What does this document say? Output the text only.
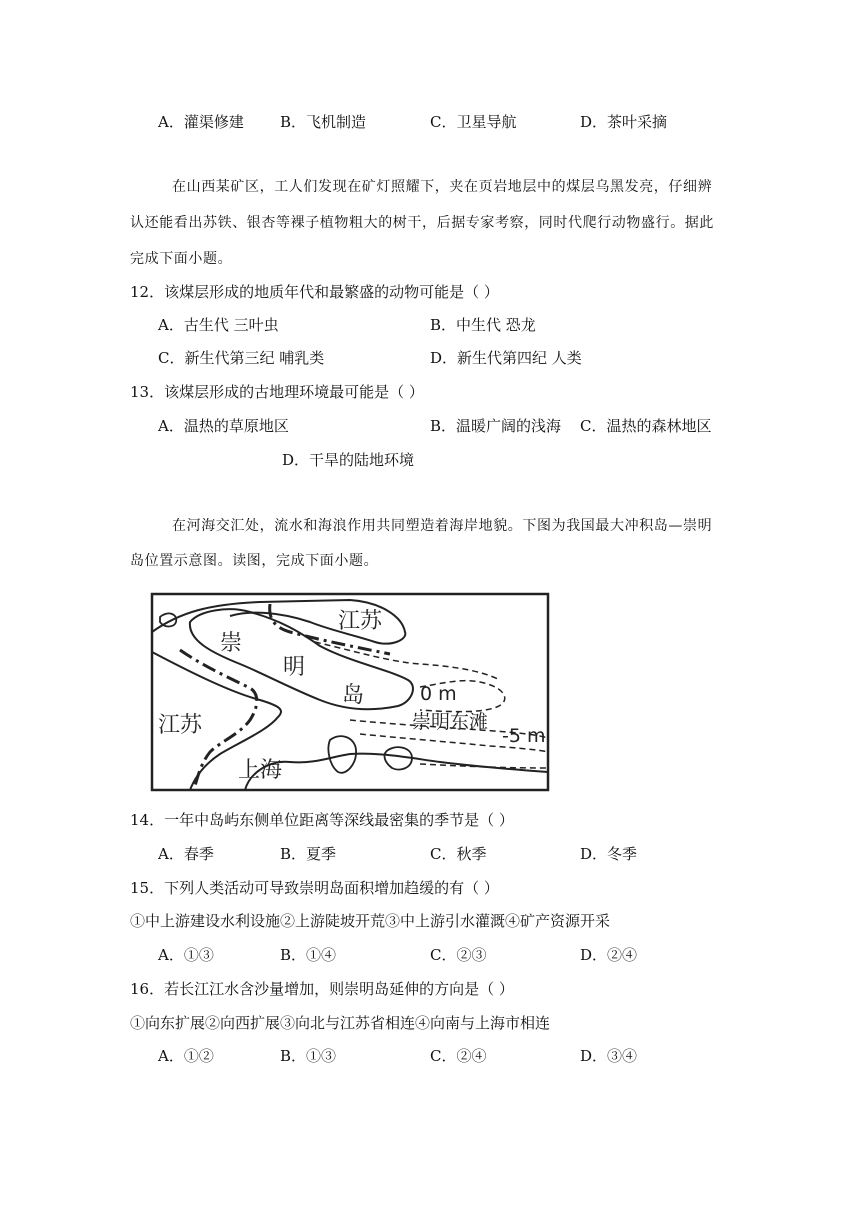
A．灌渠修建 B．飞机制造	C．卫星导航	D．茶叶采摘
在山西某矿区，工人们发现在矿灯照耀下，夹在页岩地层中的煤层乌黑发亮，仔细辨
认还能看出苏铁、银杏等裸子植物粗大的树干，后据专家考察，同时代爬行动物盛行。据此
完成下面小题。
12．该煤层形成的地质年代和最繁盛的动物可能是（ ）
A．古生代 三叶虫	B．中生代 恐龙
C．新生代第三纪 哺乳类	D．新生代第四纪 人类
13．该煤层形成的古地理环境最可能是（ ）
A．温热的草原地区	B．温暖广阔的浅海 C．温热的森林地区
D．干旱的陆地环境
在河海交汇处，流水和海浪作用共同塑造着海岸地貌。下图为我国最大冲积岛—崇明
岛位置示意图。读图，完成下面小题。
江苏
崇
明
岛	0 m
崇明东滩
-5 m
江苏
上海
14．一年中岛屿东侧单位距离等深线最密集的季节是（ ）
A．春季	B．夏季	C．秋季	D．冬季
15．下列人类活动可导致崇明岛面积增加趋缓的有（ ）
①中上游建设水利设施②上游陡坡开荒③中上游引水灌溉④矿产资源开采
A．①③	B．①④	C．②③	D．②④
16．若长江江水含沙量增加，则崇明岛延伸的方向是（ ）
①向东扩展②向西扩展③向北与江苏省相连④向南与上海市相连
A．①②	B．①③	C．②④	D．③④
